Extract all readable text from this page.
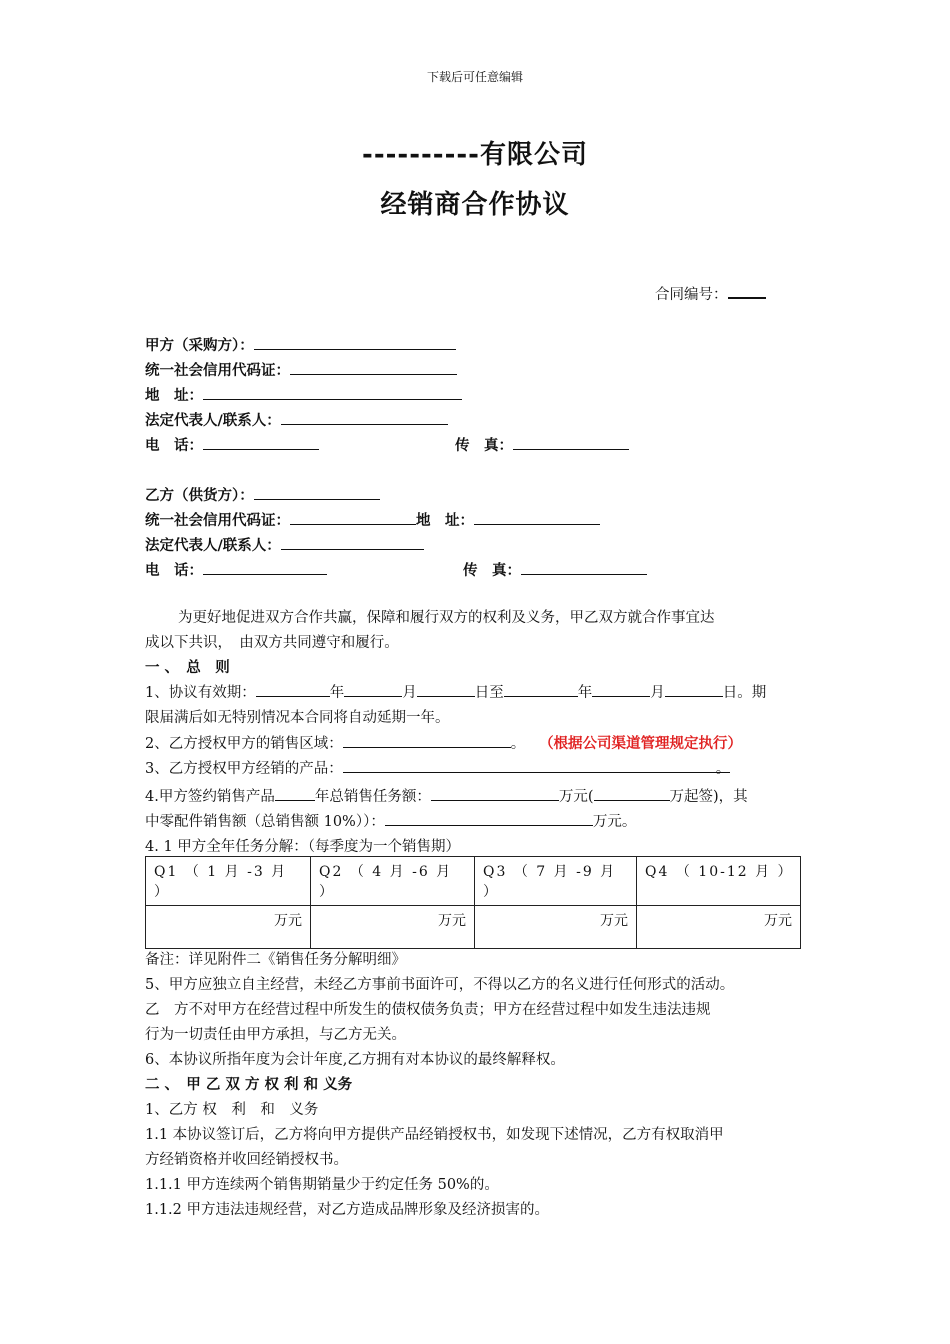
下载后可任意编辑
----------有限公司
经销商合作协议
合同编号：
甲方（采购方）：
统一社会信用代码证：
地　址：
法定代表人/联系人：
电　话：	传　真：
乙方（供货方）：
统一社会信用代码证：	地　址：
法定代表人/联系人：
电　话：	传　真：
为更好地促进双方合作共赢，保障和履行双方的权利及义务，甲乙双方就合作事宜达
成以下共识，　由双方共同遵守和履行。
一 、　总　则
1、协议有效期：	年	月	日至	年	月	日。期
限届满后如无特别情况本合同将自动延期一年。
2、乙方授权甲方的销售区域：	。 （根据公司渠道管理规定执行）
3、乙方授权甲方经销的产品：	。
4.甲方签约销售产品	年总销售任务额：	万元(	万起签)，其
中零配件销售额（总销售额 10%））：	万元。
4. 1 甲方全年任务分解：（每季度为一个销售期）
Q1 （ 1 月 -3 月 ）	Q2 （ 4 月 -6 月 ）	Q3 （ 7 月 -9 月 ）	Q4 （ 10-12 月 ）
万元	万元	万元	万元
备注：详见附件二《销售任务分解明细》
5、甲方应独立自主经营，未经乙方事前书面许可，不得以乙方的名义进行任何形式的活动。
乙　方不对甲方在经营过程中所发生的债权债务负责；甲方在经营过程中如发生违法违规
行为一切责任由甲方承担，与乙方无关。
6、本协议所指年度为会计年度,乙方拥有对本协议的最终解释权。
二 、　甲 乙 双 方 权 利 和 义务
1、乙方 权　利　和　义务
1.1 本协议签订后，乙方将向甲方提供产品经销授权书，如发现下述情况，乙方有权取消甲
方经销资格并收回经销授权书。
1.1.1 甲方连续两个销售期销量少于约定任务 50%的。
1.1.2 甲方违法违规经营，对乙方造成品牌形象及经济损害的。
